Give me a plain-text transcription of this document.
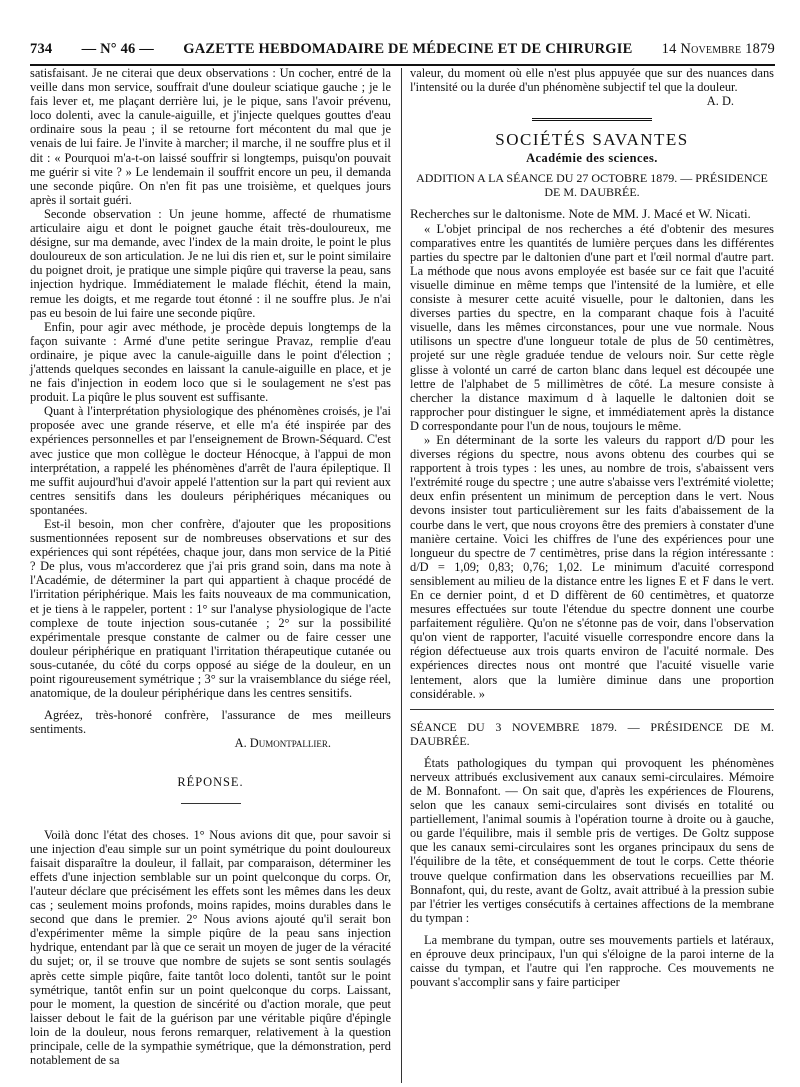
734 — N° 46 — GAZETTE HEBDOMADAIRE DE MÉDECINE ET DE CHIRURGIE 14 Novembre 1879

satisfaisant. Je ne citerai que deux observations : Un cocher, entré de la veille dans mon service, souffrait d'une douleur sciatique gauche ; je le fais lever et, me plaçant derrière lui, je le pique, sans l'avoir prévenu, loco dolenti, avec la canule-aiguille, et j'injecte quelques gouttes d'eau ordinaire sous la peau ; il se retourne fort mécontent du mal que je venais de lui faire. Je l'invite à marcher; il marche, il ne souffre plus et il dit : « Pourquoi m'a-t-on laissé souffrir si longtemps, puisqu'on pouvait me guérir si vite ? » Le lendemain il souffrit encore un peu, il demanda une seconde piqûre. On n'en fit pas une troisième, et quelques jours après il sortait guéri.

Seconde observation : Un jeune homme, affecté de rhumatisme articulaire aigu et dont le poignet gauche était très-douloureux, me désigne, sur ma demande, avec l'index de la main droite, le point le plus douloureux de son articulation. Je ne lui dis rien et, sur le point similaire du poignet droit, je pratique une simple piqûre qui traverse la peau, sans injection hydrique. Immédiatement le malade fléchit, étend la main, remue les doigts, et me regarde tout étonné : il ne souffre plus. Je n'ai pas eu besoin de lui faire une seconde piqûre.

Enfin, pour agir avec méthode, je procède depuis longtemps de la façon suivante : Armé d'une petite seringue Pravaz, remplie d'eau ordinaire, je pique avec la canule-aiguille dans le point d'élection ; j'attends quelques secondes en laissant la canule-aiguille en place, et je ne fais d'injection in eodem loco que si le soulagement ne s'est pas produit. La piqûre le plus souvent est suffisante.

Quant à l'interprétation physiologique des phénomènes croisés, je l'ai proposée avec une grande réserve, et elle m'a été inspirée par des expériences personnelles et par l'enseignement de Brown-Séquard. C'est avec justice que mon collègue le docteur Hénocque, à l'appui de mon interprétation, a rappelé les phénomènes d'arrêt de l'aura épileptique. Il me suffit aujourd'hui d'avoir appelé l'attention sur la part qui revient aux centres sensitifs dans les douleurs périphériques mécaniques ou spontanées.

Est-il besoin, mon cher confrère, d'ajouter que les propositions susmentionnées reposent sur de nombreuses observations et sur des expériences qui sont répétées, chaque jour, dans mon service de la Pitié ? De plus, vous m'accorderez que j'ai pris grand soin, dans ma note à l'Académie, de déterminer la part qui appartient à chaque procédé de l'irritation périphérique. Mais les faits nouveaux de ma communication, et je tiens à le rappeler, portent : 1° sur l'analyse physiologique de l'acte complexe de toute injection sous-cutanée ; 2° sur la possibilité expérimentale presque constante de calmer ou de faire cesser une douleur périphérique en pratiquant l'irritation thérapeutique cutanée ou sous-cutanée, du côté du corps opposé au siége de la douleur, en un point rigoureusement symétrique ; 3° sur la vraisemblance du siége réel, anatomique, de la douleur périphérique dans les centres sensitifs.

Agréez, très-honoré confrère, l'assurance de mes meilleurs sentiments.

A. Dumontpallier.

RÉPONSE.

Voilà donc l'état des choses. 1° Nous avions dit que, pour savoir si une injection d'eau simple sur un point symétrique du point douloureux faisait disparaître la douleur, il fallait, par comparaison, déterminer les effets d'une injection semblable sur un point quelconque du corps. Or, l'auteur déclare que précisément les effets sont les mêmes dans les deux cas ; seulement moins profonds, moins rapides, moins durables dans le second que dans le premier. 2° Nous avions ajouté qu'il serait bon d'expérimenter même la simple piqûre de la peau sans injection hydrique, entendant par là que ce serait un moyen de juger de la véracité du sujet; or, il se trouve que nombre de sujets se sont sentis soulagés après cette simple piqûre, faite tantôt loco dolenti, tantôt sur le point symétrique, tantôt enfin sur un point quelconque du corps. Laissant, pour le moment, la question de sincérité ou d'action morale, que peut laisser debout le fait de la guérison par une véritable piqûre d'épingle loin de la douleur, nous ferons remarquer, relativement à la question principale, celle de la sympathie symétrique, que la démonstration, perd notablement de sa

valeur, du moment où elle n'est plus appuyée que sur des nuances dans l'intensité ou la durée d'un phénomène subjectif tel que la douleur.

A. D.

SOCIÉTÉS SAVANTES
Académie des sciences.
ADDITION A LA SÉANCE DU 27 OCTOBRE 1879. — PRÉSIDENCE DE M. DAUBRÉE.

Recherches sur le daltonisme. Note de MM. J. Macé et W. Nicati.

« L'objet principal de nos recherches a été d'obtenir des mesures comparatives entre les quantités de lumière perçues dans les différentes parties du spectre par le daltonien d'une part et l'œil normal d'autre part. La méthode que nous avons employée est basée sur ce fait que l'acuité visuelle diminue en même temps que l'intensité de la lumière, et elle consiste à mesurer cette acuité visuelle, pour le daltonien, dans les diverses parties du spectre, en la comparant chaque fois à l'acuité visuelle, dans les mêmes circonstances, pour une vue normale. Nous utilisons un spectre d'une longueur totale de plus de 50 centimètres, projeté sur une règle graduée tendue de velours noir. Sur cette règle glisse à volonté un carré de carton blanc dans lequel est découpée une lettre de l'alphabet de 5 millimètres de côté. La mesure consiste à chercher la distance maximum d à laquelle le daltonien doit se rapprocher pour distinguer le signe, et immédiatement après la distance D correspondante pour l'un de nous, toujours le même.

» En déterminant de la sorte les valeurs du rapport d/D pour les diverses régions du spectre, nous avons obtenu des courbes qui se rapportent à trois types : les unes, au nombre de trois, s'abaissent vers l'extrémité rouge du spectre ; une autre s'abaisse vers l'extrémité violette; deux enfin présentent un minimum de perception dans le vert. Nous devons insister tout particulièrement sur les faits d'abaissement de la courbe dans le vert, que nous croyons être des premiers à constater d'une manière certaine. Voici les chiffres de l'une des expériences pour une longueur du spectre de 7 centimètres, prise dans la région intéressante : d/D = 1,09; 0,83; 0,76; 1,02. Le minimum d'acuité correspond sensiblement au milieu de la distance entre les lignes E et F dans le vert. En ce dernier point, d et D diffèrent de 60 centimètres, et quatorze mesures effectuées sur toute l'étendue du spectre donnent une courbe parfaitement régulière. Qu'on ne s'étonne pas de voir, dans l'observation qu'on vient de rapporter, l'acuité visuelle correspondre encore dans la région défectueuse aux trois quarts environ de l'acuité normale. Des expériences directes nous ont montré que l'acuité visuelle varie lentement, alors que la lumière diminue dans une proportion considérable. »

SÉANCE DU 3 NOVEMBRE 1879. — PRÉSIDENCE DE M. DAUBRÉE.

États pathologiques du tympan qui provoquent les phénomènes nerveux attribués exclusivement aux canaux semi-circulaires. Mémoire de M. Bonnafont. — On sait que, d'après les expériences de Flourens, selon que les canaux semi-circulaires sont divisés en totalité ou partiellement, l'animal soumis à l'opération tourne à droite ou à gauche, ou garde l'équilibre, mais il semble pris de vertiges. De Goltz suppose que les canaux semi-circulaires sont les organes principaux du sens de l'équilibre de la tête, et conséquemment de tout le corps. Cette théorie trouve quelque confirmation dans les observations recueillies par M. Bonnafont, qui, du reste, avant de Goltz, avait attribué à la pression subie par l'étrier les vertiges consécutifs à certaines affections de la membrane du tympan :

La membrane du tympan, outre ses mouvements partiels et latéraux, en éprouve deux principaux, l'un qui s'éloigne de la paroi interne de la caisse du tympan, et l'autre qui l'en rapproche. Ces mouvements ne pouvant s'accomplir sans y faire participer
